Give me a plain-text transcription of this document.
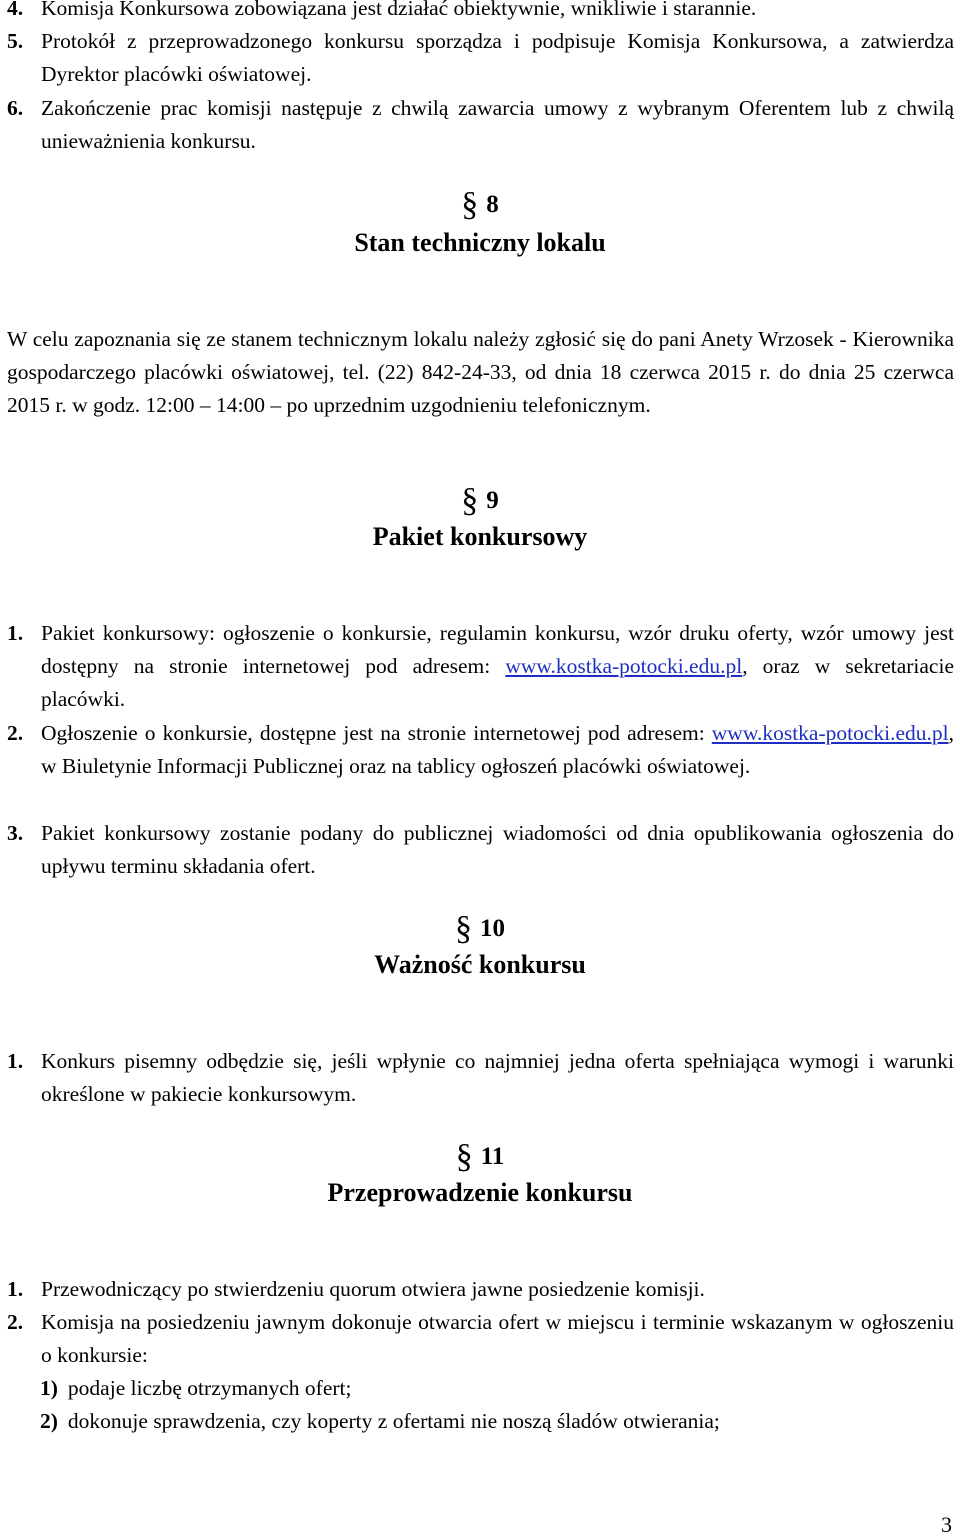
4. Komisja Konkursowa zobowiązana jest działać obiektywnie, wnikliwie i starannie.
5. Protokół z przeprowadzonego konkursu sporządza i podpisuje Komisja Konkursowa, a zatwierdza Dyrektor placówki oświatowej.
6. Zakończenie prac komisji następuje z chwilą zawarcia umowy z wybranym Oferentem lub z chwilą unieważnienia konkursu.
§ 8
Stan techniczny lokalu
W celu zapoznania się ze stanem technicznym lokalu należy zgłosić się do pani Anety Wrzosek - Kierownika gospodarczego placówki oświatowej, tel. (22) 842-24-33, od dnia 18 czerwca 2015 r. do dnia 25 czerwca 2015 r. w godz. 12:00 – 14:00 – po uprzednim uzgodnieniu telefonicznym.
§ 9
Pakiet konkursowy
1. Pakiet konkursowy: ogłoszenie o konkursie, regulamin konkursu, wzór druku oferty, wzór umowy jest dostępny na stronie internetowej pod adresem: www.kostka-potocki.edu.pl, oraz w sekretariacie placówki.
2. Ogłoszenie o konkursie, dostępne jest na stronie internetowej pod adresem: www.kostka-potocki.edu.pl, w Biuletynie Informacji Publicznej oraz na tablicy ogłoszeń placówki oświatowej.
3. Pakiet konkursowy zostanie podany do publicznej wiadomości od dnia opublikowania ogłoszenia do upływu terminu składania ofert.
§ 10
Ważność konkursu
1. Konkurs pisemny odbędzie się, jeśli wpłynie co najmniej jedna oferta spełniająca wymogi i warunki określone w pakiecie konkursowym.
§ 11
Przeprowadzenie konkursu
1. Przewodniczący po stwierdzeniu quorum otwiera jawne posiedzenie komisji.
2. Komisja na posiedzeniu jawnym dokonuje otwarcia ofert w miejscu i terminie wskazanym w ogłoszeniu o konkursie:
1) podaje liczbę otrzymanych ofert;
2) dokonuje sprawdzenia, czy koperty z ofertami nie noszą śladów otwierania;
3
